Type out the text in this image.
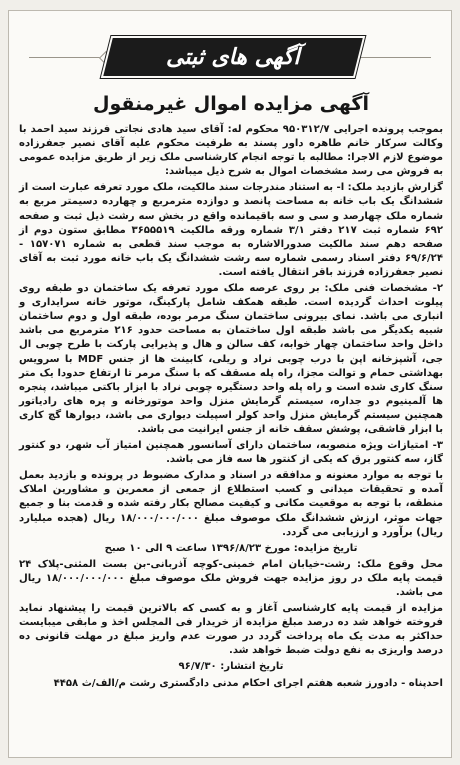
آگهی های ثبتی
آگهی مزایده اموال غیرمنقول

بموجب پرونده اجرایی ۹۵۰۳۱۲/۷ محکوم له: آقای سید هادی نجاتی فرزند سید احمد با وکالت سرکار خانم طاهره داور پسند به طرفیت محکوم علیه آقای نصیر جعفرزاده موضوع لازم الاجرا: مطالبه با توجه انجام کارشناسی ملک زیر از طریق مزایده عمومی به فروش می رسد مشخصات اموال به شرح ذیل میباشد:

گزارش بازدید ملک: ا- به استناد مندرجات سند مالکیت، ملک مورد تعرفه عبارت است از ششدانگ یک باب خانه به مساحت پانصد و دوازده مترمربع و چهارده دسیمتر مربع به شماره ملک چهارصد و سی و سه باقیمانده واقع در بخش سه رشت ذیل ثبت و صفحه ۶۹۲ شماره ثبت ۲۱۷ دفتر ۳/۱ شماره ورقه مالکیت ۳۶۵۵۵۱۹ مطابق ستون دوم از صفحه دهم سند مالکیت صدورالاشاره به موجب سند قطعی به شماره ۱۵۷۰۷۱ - ۶۹/۶/۲۴ دفتر اسناد رسمی شماره سه رشت ششدانگ یک باب خانه مورد ثبت به آقای نصیر جعفرزاده فرزند باقر انتقال یافته است.

۲- مشخصات فنی ملک: بر روی عرصه ملک مورد تعرفه یک ساختمان دو طبقه روی پیلوت احداث گردیده است. طبقه همکف شامل پارکینگ، موتور خانه سرایداری و انباری می باشد. نمای بیرونی ساختمان سنگ مرمر بوده، طبقه اول و دوم ساختمان شبیه یکدیگر می باشد طبقه اول ساختمان به مساحت حدود ۲۱۶ مترمربع می باشد داخل واحد ساختمان چهار خوابه، کف سالن و هال و پذیرایی پارکت با طرح چوبی ال جی، آشپزخانه اپن با درب چوبی نراد و ریلی، کابینت ها از جنس MDF با سرویس بهداشتی حمام و توالت مجزا، راه پله مسقف که با سنگ مرمر تا ارتفاع حدودا یک متر سنگ کاری شده است و راه پله واحد دستگیره چوبی نراد با ابزار باکتی میباشد، پنجره ها آلمینیوم دو جداره، سیستم گرمایش منزل واحد موتورخانه و پره های رادیاتور همچنین سیستم گرمایش منزل واحد کولر اسپیلت دیواری می باشد، دیوارها گچ کاری با ابزار قاشقی، پوشش سقف خانه از جنس ایرانیت می باشد.

۳- امتیازات ویژه منصوبه، ساختمان دارای آسانسور همچنین امتیاز آب شهر، دو کنتور گاز، سه کنتور برق که یکی از کنتور ها سه فاز می باشد.

با توجه به موارد معنونه و مدافقه در اسناد و مدارک مضبوط در پرونده و بازدید بعمل آمده و تحقیقات میدانی و کسب استطلاع از جمعی از معمرین و مشاورین املاک منطقه، با توجه به موقعیت مکانی و کیفیت مصالح بکار رفته شده و قدمت بنا و جمیع جهات موثر، ارزش ششدانگ ملک موصوف مبلغ ۱۸/۰۰۰/۰۰۰/۰۰۰ ریال (هجده میلیارد ریال) برآورد و ارزیابی می گردد.

تاریخ مزایده: مورخ ۱۳۹۶/۸/۲۳ ساعت ۹ الی ۱۰ صبح

محل وقوع ملک: رشت-خیابان امام خمینی-کوچه آذربانی-بن بست المثنی-پلاک ۲۴ قیمت پایه ملک در روز مزایده جهت فروش ملک موصوف مبلغ ۱۸/۰۰۰/۰۰۰/۰۰۰ ریال می باشد.

مزایده از قیمت پایه کارشناسی آغاز و به کسی که بالاترین قیمت را پیشنهاد نماید فروخته خواهد شد ده درصد مبلغ مزایده از خریدار فی المجلس اخذ و مابقی میبایست حداکثر به مدت یک ماه پرداخت گردد در صورت عدم واریز مبلغ در مهلت قانونی ده درصد واریزی به نفع دولت ضبط خواهد شد.

تاریخ انتشار: ۹۶/۷/۳۰

احدپناه - دادورز شعبه هفتم اجرای احکام مدنی دادگستری رشت م/الف/ث ۴۴۵۸
